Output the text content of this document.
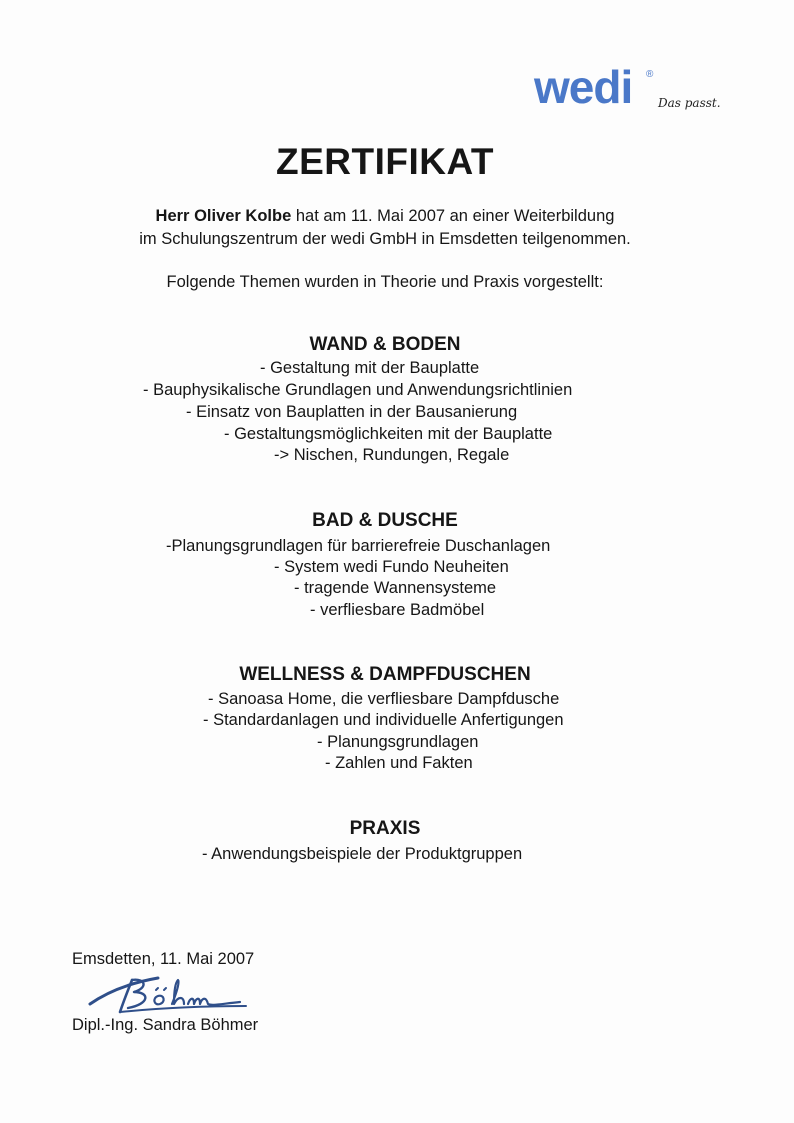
wedi ®
Das passt.
ZERTIFIKAT
Herr Oliver Kolbe hat am 11. Mai 2007 an einer Weiterbildung
im Schulungszentrum der wedi GmbH in Emsdetten teilgenommen.
Folgende Themen wurden in Theorie und Praxis vorgestellt:
WAND & BODEN
- Gestaltung mit der Bauplatte
- Bauphysikalische Grundlagen und Anwendungsrichtlinien
- Einsatz von Bauplatten in der Bausanierung
- Gestaltungsmöglichkeiten mit der Bauplatte
-> Nischen, Rundungen, Regale
BAD & DUSCHE
-Planungsgrundlagen für barrierefreie Duschanlagen
- System wedi Fundo Neuheiten
- tragende Wannensysteme
- verfliesbare Badmöbel
WELLNESS & DAMPFDUSCHEN
- Sanoasa Home, die verfliesbare Dampfdusche
- Standardanlagen und individuelle Anfertigungen
- Planungsgrundlagen
- Zahlen und Fakten
PRAXIS
- Anwendungsbeispiele der Produktgruppen
Emsdetten, 11. Mai 2007
Dipl.-Ing. Sandra Böhmer
